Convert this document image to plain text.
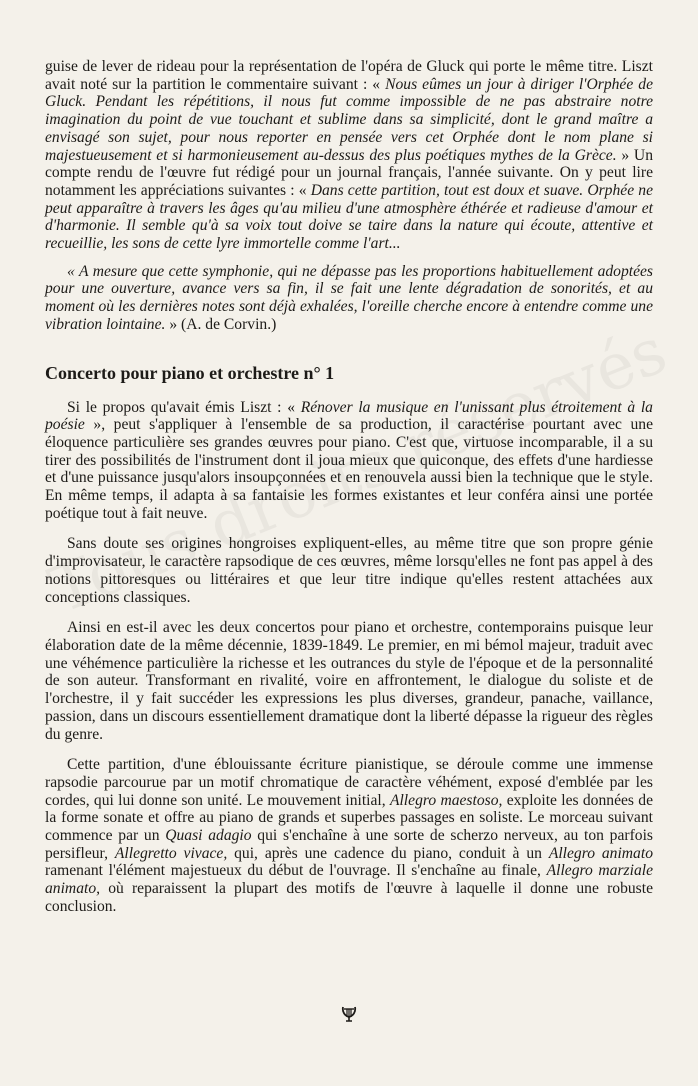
guise de lever de rideau pour la représentation de l'opéra de Gluck qui porte le même titre. Liszt avait noté sur la partition le commentaire suivant : « Nous eûmes un jour à diriger l'Orphée de Gluck. Pendant les répétitions, il nous fut comme impossible de ne pas abstraire notre imagination du point de vue touchant et sublime dans sa simplicité, dont le grand maître a envisagé son sujet, pour nous reporter en pensée vers cet Orphée dont le nom plane si majestueusement et si harmonieusement au-dessus des plus poétiques mythes de la Grèce. » Un compte rendu de l'œuvre fut rédigé pour un journal français, l'année suivante. On y peut lire notamment les appréciations suivantes : « Dans cette partition, tout est doux et suave. Orphée ne peut apparaître à travers les âges qu'au milieu d'une atmosphère éthérée et radieuse d'amour et d'harmonie. Il semble qu'à sa voix tout doive se taire dans la nature qui écoute, attentive et recueillie, les sons de cette lyre immortelle comme l'art...

« A mesure que cette symphonie, qui ne dépasse pas les proportions habituellement adoptées pour une ouverture, avance vers sa fin, il se fait une lente dégradation de sonorités, et au moment où les dernières notes sont déjà exhalées, l'oreille cherche encore à entendre comme une vibration lointaine. » (A. de Corvin.)

Concerto pour piano et orchestre n° 1

Si le propos qu'avait émis Liszt : « Rénover la musique en l'unissant plus étroitement à la poésie », peut s'appliquer à l'ensemble de sa production, il caractérise pourtant avec une éloquence particulière ses grandes œuvres pour piano. C'est que, virtuose incomparable, il a su tirer des possibilités de l'instrument dont il joua mieux que quiconque, des effets d'une hardiesse et d'une puissance jusqu'alors insoupçonnées et en renouvela aussi bien la technique que le style. En même temps, il adapta à sa fantaisie les formes existantes et leur conféra ainsi une portée poétique tout à fait neuve.

Sans doute ses origines hongroises expliquent-elles, au même titre que son propre génie d'improvisateur, le caractère rapsodique de ces œuvres, même lorsqu'elles ne font pas appel à des notions pittoresques ou littéraires et que leur titre indique qu'elles restent attachées aux conceptions classiques.

Ainsi en est-il avec les deux concertos pour piano et orchestre, contemporains puisque leur élaboration date de la même décennie, 1839-1849. Le premier, en mi bémol majeur, traduit avec une véhémence particulière la richesse et les outrances du style de l'époque et de la personnalité de son auteur. Transformant en rivalité, voire en affrontement, le dialogue du soliste et de l'orchestre, il y fait succéder les expressions les plus diverses, grandeur, panache, vaillance, passion, dans un discours essentiellement dramatique dont la liberté dépasse la rigueur des règles du genre.

Cette partition, d'une éblouissante écriture pianistique, se déroule comme une immense rapsodie parcourue par un motif chromatique de caractère véhément, exposé d'emblée par les cordes, qui lui donne son unité. Le mouvement initial, Allegro maestoso, exploite les données de la forme sonate et offre au piano de grands et superbes passages en soliste. Le morceau suivant commence par un Quasi adagio qui s'enchaîne à une sorte de scherzo nerveux, au ton parfois persifleur, Allegretto vivace, qui, après une cadence du piano, conduit à un Allegro animato ramenant l'élément majestueux du début de l'ouvrage. Il s'enchaîne au finale, Allegro marziale animato, où reparaissent la plupart des motifs de l'œuvre à laquelle il donne une robuste conclusion.
